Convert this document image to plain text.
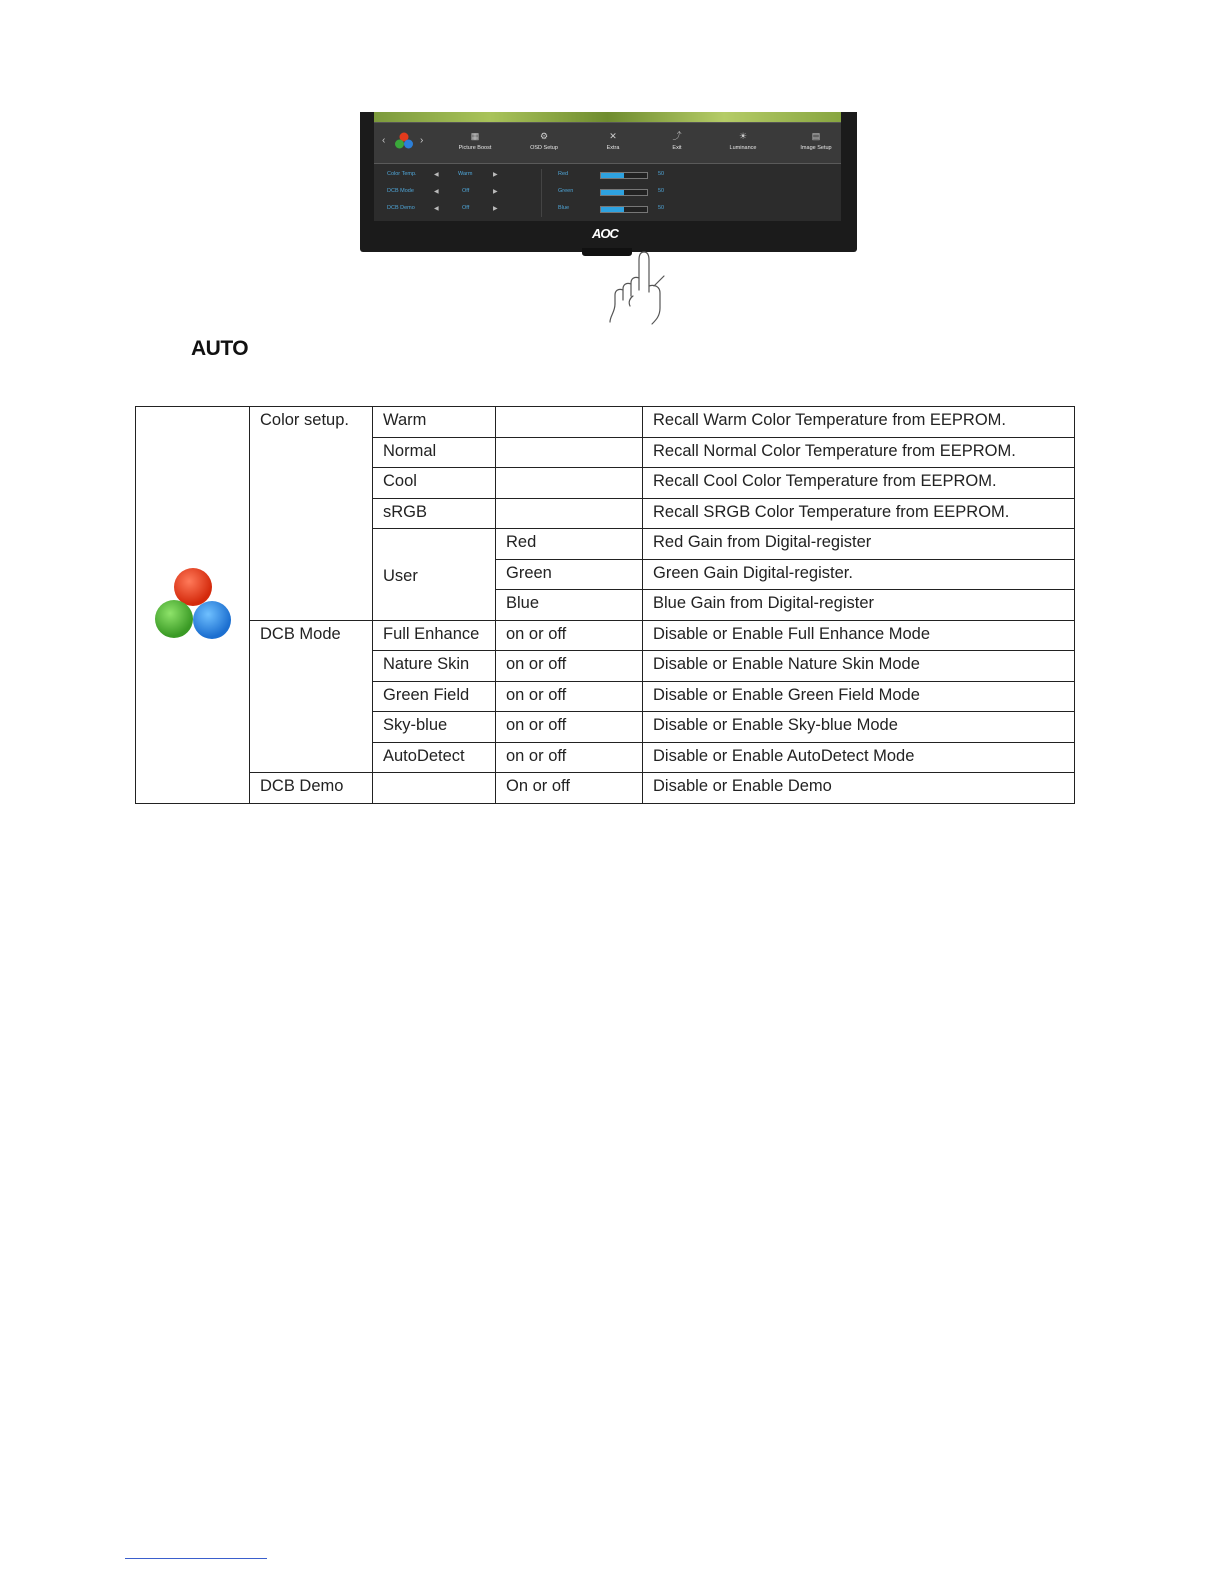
‹	›	▦
Picture Boost
⚙
OSD Setup
✕
Extra
⤴
Exit
☀
Luminance
▤
Image Setup
Color Temp.	◀	Warm	▶	Red	50
DCB Mode	◀	Off	▶	Green	50
DCB Demo	◀	Off	▶	Blue	50
AOC
AUTO
	Color setup.	Warm		Recall Warm Color Temperature from EEPROM.
		Normal		Recall Normal Color Temperature from EEPROM.
		Cool		Recall Cool Color Temperature from EEPROM.
		sRGB		Recall SRGB Color Temperature from EEPROM.
		User	Red	Red Gain from Digital-register
			Green	Green Gain Digital-register.
			Blue	Blue Gain from Digital-register
	DCB Mode	Full Enhance	on or off	Disable or Enable Full Enhance Mode
		Nature Skin	on or off	Disable or Enable Nature Skin Mode
		Green Field	on or off	Disable or Enable Green Field Mode
		Sky-blue	on or off	Disable or Enable Sky-blue Mode
		AutoDetect	on or off	Disable or Enable AutoDetect Mode
	DCB Demo		On or off	Disable or Enable Demo
